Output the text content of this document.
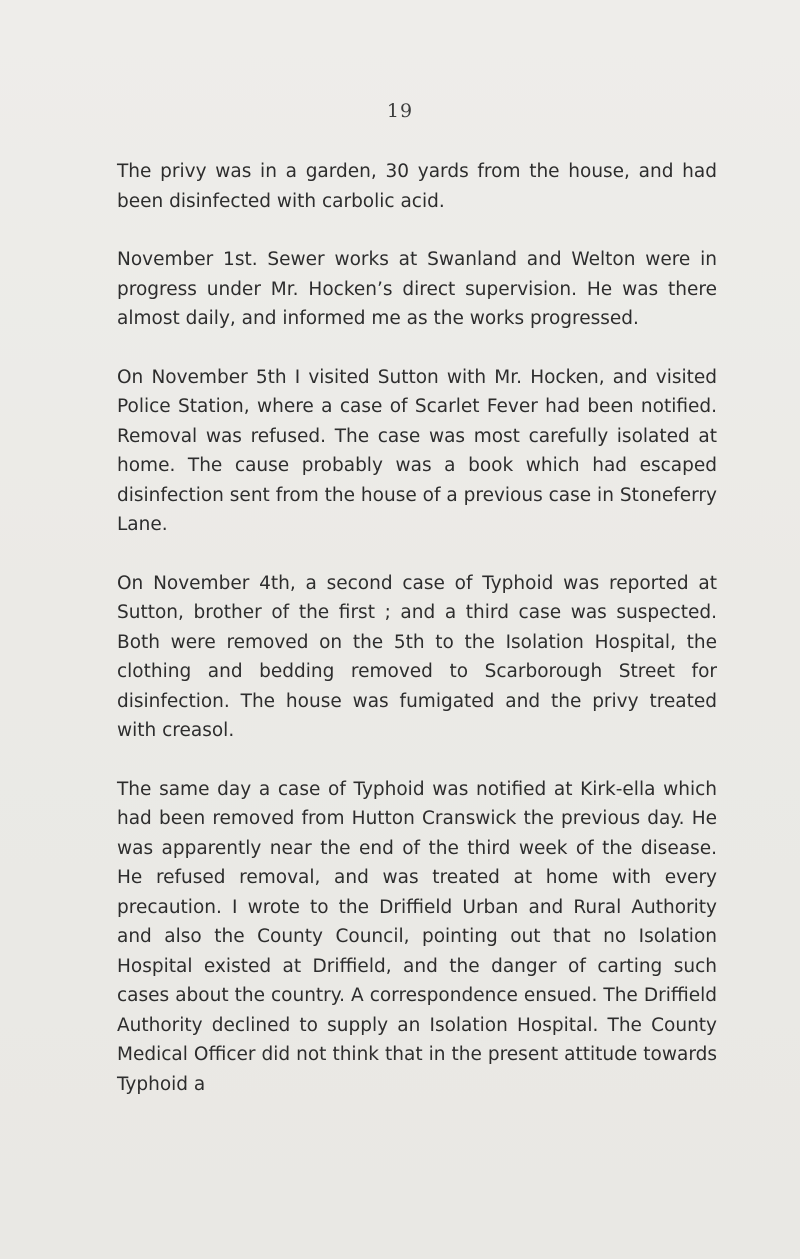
19

The privy was in a garden, 30 yards from the house, and had been disinfected with carbolic acid.

November 1st. Sewer works at Swanland and Welton were in progress under Mr. Hocken’s direct supervision. He was there almost daily, and informed me as the works progressed.

On November 5th I visited Sutton with Mr. Hocken, and visited Police Station, where a case of Scarlet Fever had been notified. Removal was refused. The case was most carefully isolated at home. The cause probably was a book which had escaped disinfection sent from the house of a previous case in Stoneferry Lane.

On November 4th, a second case of Typhoid was reported at Sutton, brother of the first ; and a third case was suspected. Both were removed on the 5th to the Isolation Hospital, the clothing and bedding removed to Scarborough Street for disinfection. The house was fumigated and the privy treated with creasol.

The same day a case of Typhoid was notified at Kirk-ella which had been removed from Hutton Cranswick the previous day. He was apparently near the end of the third week of the disease. He refused removal, and was treated at home with every precaution. I wrote to the Driffield Urban and Rural Authority and also the County Council, pointing out that no Isolation Hospital existed at Driffield, and the danger of carting such cases about the country. A correspondence ensued. The Driffield Authority declined to supply an Isolation Hospital. The County Medical Officer did not think that in the present attitude towards Typhoid a
